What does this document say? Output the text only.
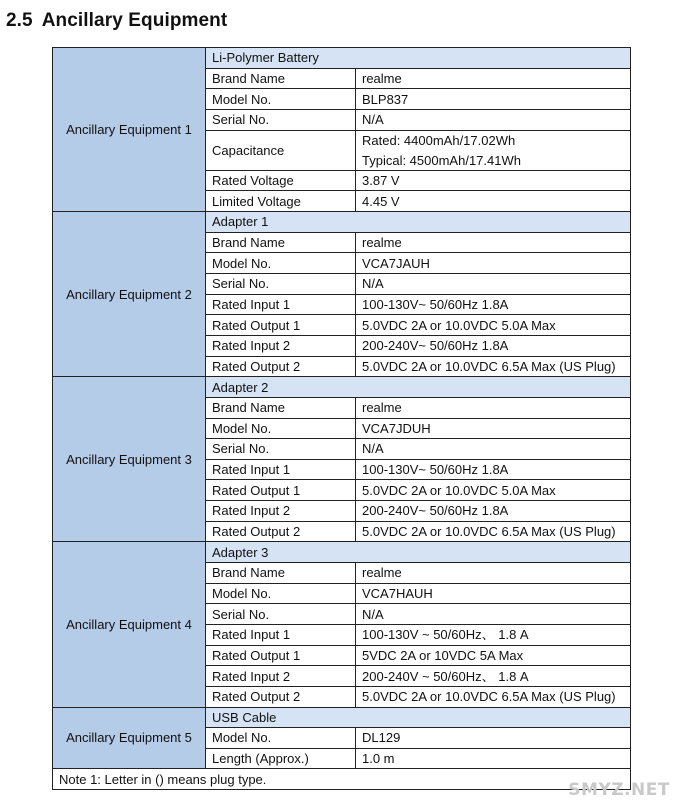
2.5 Ancillary Equipment
Ancillary Equipment 1	Li-Polymer Battery	
	Brand Name	realme
	Model No.	BLP837
	Serial No.	N/A
	Capacitance	Rated: 4400mAh/17.02Wh
		Typical: 4500mAh/17.41Wh
	Rated Voltage	3.87 V
	Limited Voltage	4.45 V
Ancillary Equipment 2	Adapter 1	
	Brand Name	realme
	Model No.	VCA7JAUH
	Serial No.	N/A
	Rated Input 1	100-130V~ 50/60Hz 1.8A
	Rated Output 1	5.0VDC 2A or 10.0VDC 5.0A Max
	Rated Input 2	200-240V~ 50/60Hz 1.8A
	Rated Output 2	5.0VDC 2A or 10.0VDC 6.5A Max (US Plug)
Ancillary Equipment 3	Adapter 2	
	Brand Name	realme
	Model No.	VCA7JDUH
	Serial No.	N/A
	Rated Input 1	100-130V~ 50/60Hz 1.8A
	Rated Output 1	5.0VDC 2A or 10.0VDC 5.0A Max
	Rated Input 2	200-240V~ 50/60Hz 1.8A
	Rated Output 2	5.0VDC 2A or 10.0VDC 6.5A Max (US Plug)
Ancillary Equipment 4	Adapter 3	
	Brand Name	realme
	Model No.	VCA7HAUH
	Serial No.	N/A
	Rated Input 1	100-130V ~ 50/60Hz、 1.8 A
	Rated Output 1	5VDC 2A or 10VDC 5A Max
	Rated Input 2	200-240V ~ 50/60Hz、 1.8 A
	Rated Output 2	5.0VDC 2A or 10.0VDC 6.5A Max (US Plug)
Ancillary Equipment 5	USB Cable	
	Model No.	DL129
	Length (Approx.)	1.0 m
Note 1: Letter in () means plug type.		
SMYZ.NET
